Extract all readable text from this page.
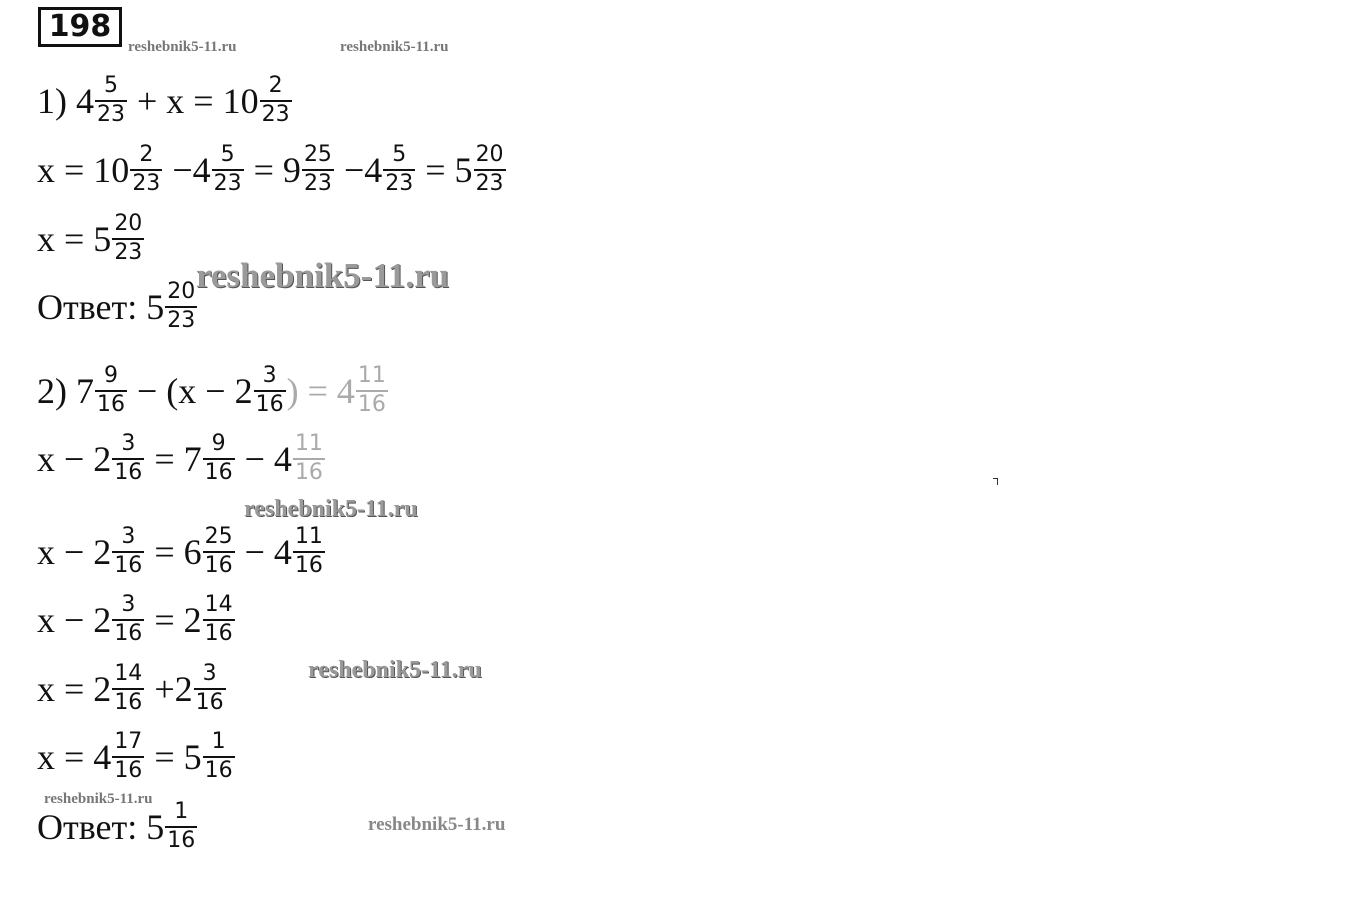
198
reshebnik5-11.ru	reshebnik5-11.ru
1) $4 \frac{5}{23} + x = 10 \frac{2}{23}$
$x = 10 \frac{2}{23} -4 \frac{5}{23} = 9 \frac{25}{23} -4 \frac{5}{23} = 5 \frac{20}{23}$
$x = 5 \frac{20}{23}$
reshebnik5-11.ru
Ответ: $5 \frac{20}{23}$
2) $7 \frac{9}{16} - (x - 2 \frac{3}{16}$ ) = $4 \frac{11}{16}$
$x - 2 \frac{3}{16} = 7 \frac{9}{16} - 4 \frac{11}{16}$
reshebnik5-11.ru
$x - 2 \frac{3}{16} = 6 \frac{25}{16} - 4 \frac{11}{16}$
$x - 2 \frac{3}{16} = 2 \frac{14}{16}$
reshebnik5-11.ru
$x = 2 \frac{14}{16} +2 \frac{3}{16}$
$x = 4 \frac{17}{16} = 5 \frac{1}{16}$
reshebnik5-11.ru
Ответ: $5 \frac{1}{16}$	reshebnik5-11.ru
